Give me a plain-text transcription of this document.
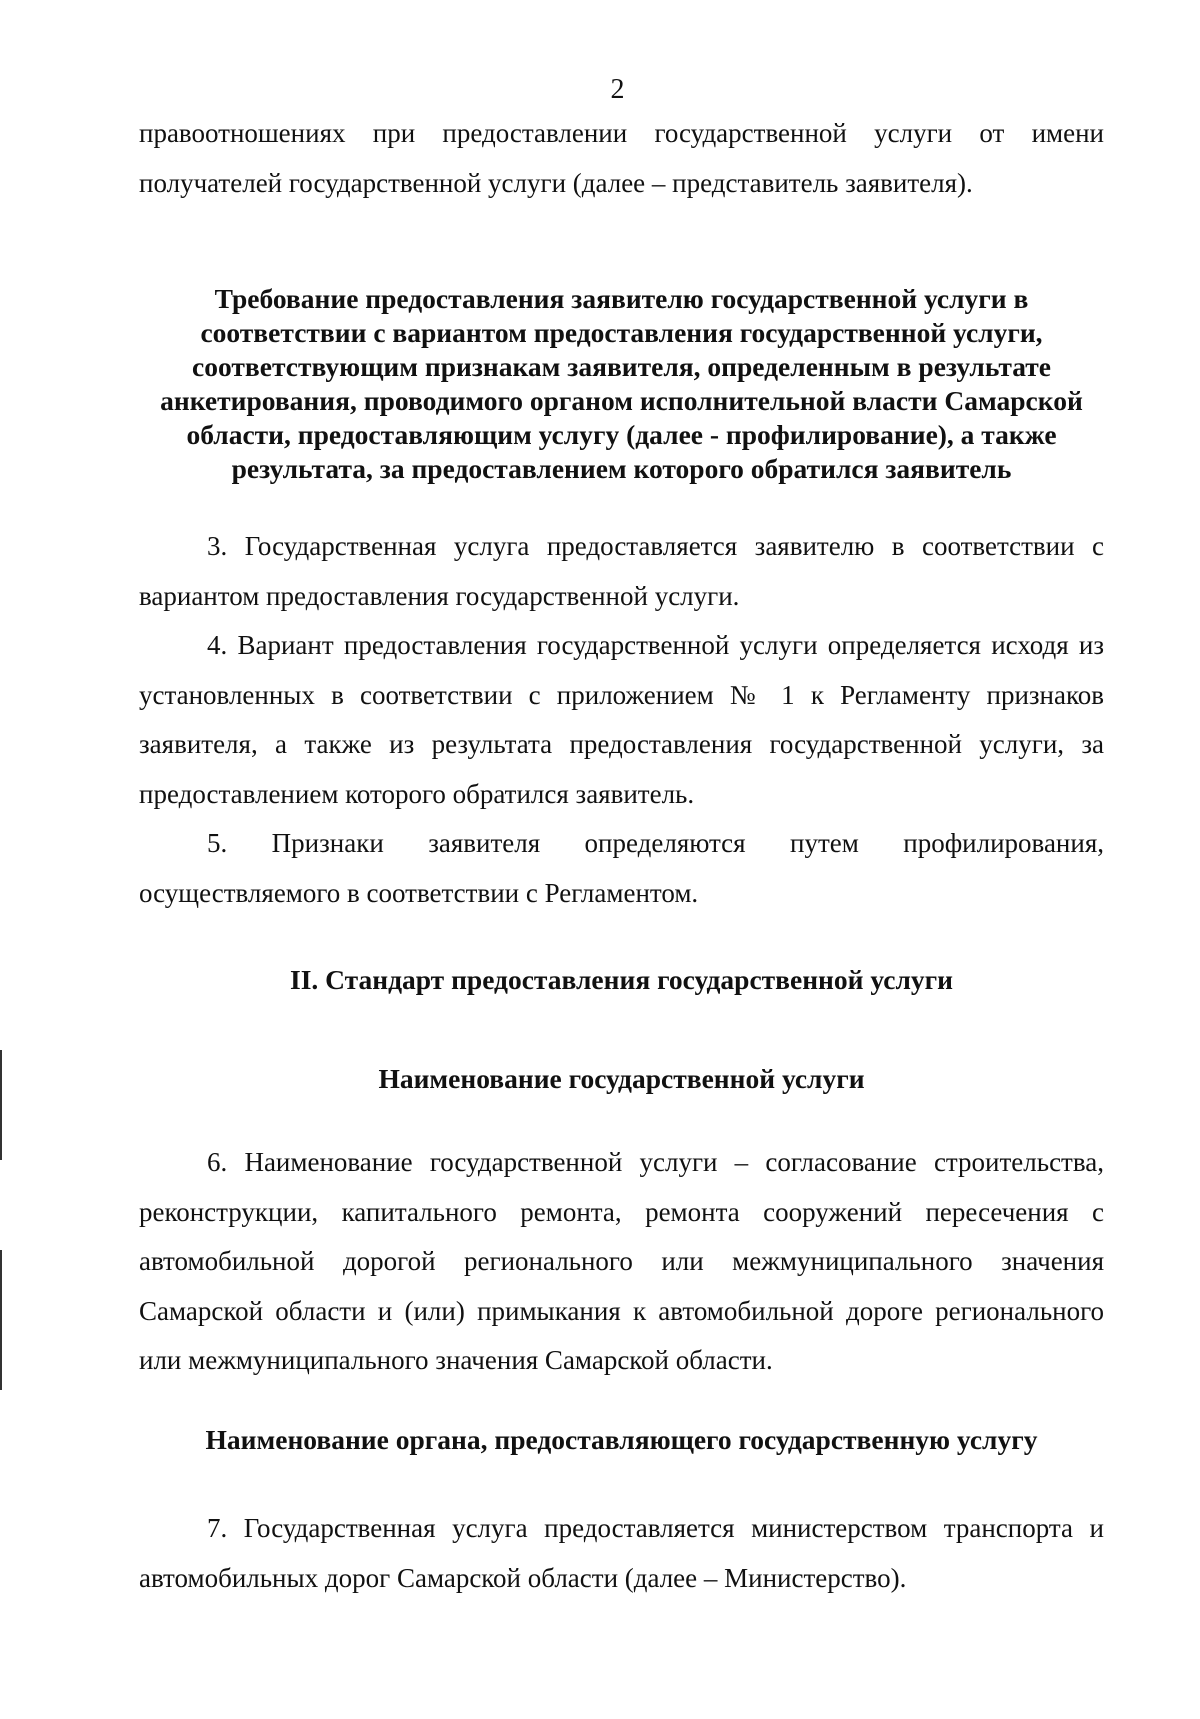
2

правоотношениях при предоставлении государственной услуги от имени получателей государственной услуги (далее – представитель заявителя).

Требование предоставления заявителю государственной услуги в соответствии с вариантом предоставления государственной услуги, соответствующим признакам заявителя, определенным в результате анкетирования, проводимого органом исполнительной власти Самарской области, предоставляющим услугу (далее - профилирование), а также результата, за предоставлением которого обратился заявитель

3. Государственная услуга предоставляется заявителю в соответствии с вариантом предоставления государственной услуги.

4. Вариант предоставления государственной услуги определяется исходя из установленных в соответствии с приложением № 1 к Регламенту признаков заявителя, а также из результата предоставления государственной услуги, за предоставлением которого обратился заявитель.

5. Признаки заявителя определяются путем профилирования, осуществляемого в соответствии с Регламентом.

II. Стандарт предоставления государственной услуги
Наименование государственной услуги

6. Наименование государственной услуги – согласование строительства, реконструкции, капитального ремонта, ремонта сооружений пересечения с автомобильной дорогой регионального или межмуниципального значения Самарской области и (или) примыкания к автомобильной дороге регионального или межмуниципального значения Самарской области.

Наименование органа, предоставляющего государственную услугу

7. Государственная услуга предоставляется министерством транспорта и автомобильных дорог Самарской области (далее – Министерство).
